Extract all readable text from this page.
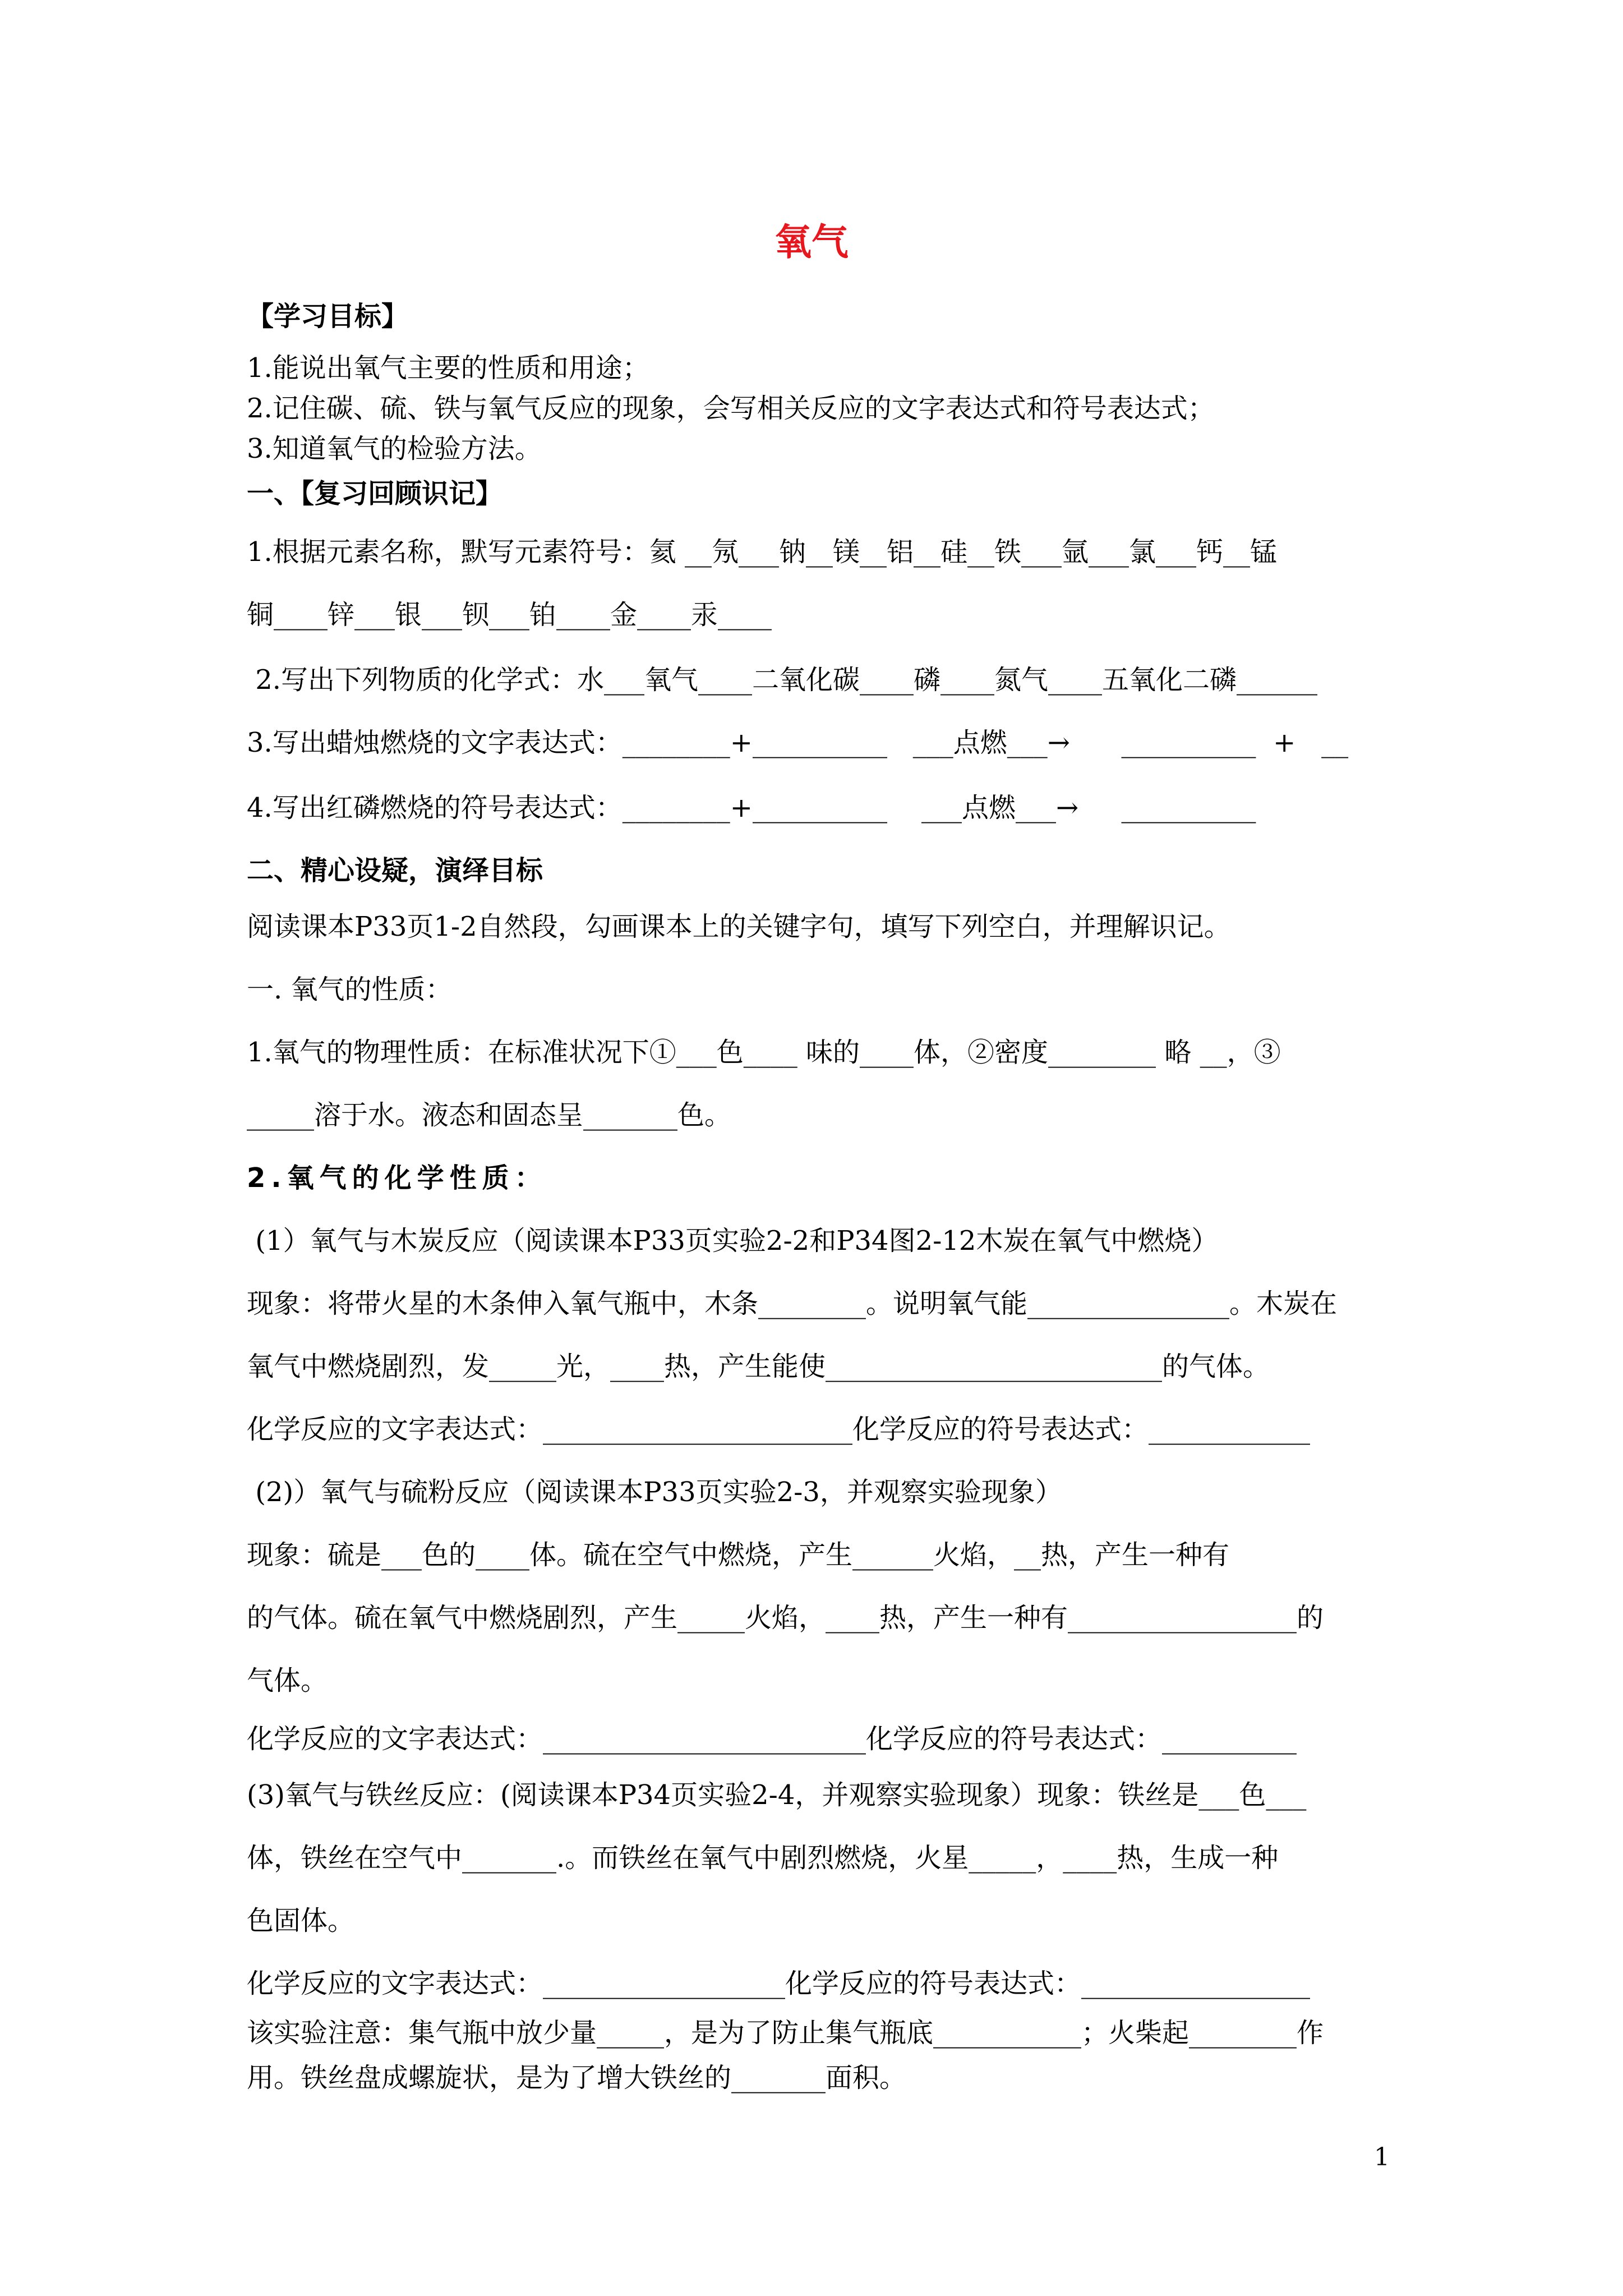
氧气
【学习目标】
1.能说出氧气主要的性质和用途；
2.记住碳、硫、铁与氧气反应的现象，会写相关反应的文字表达式和符号表达式；
3.知道氧气的检验方法。
一、【复习回顾识记】
1.根据元素名称，默写元素符号：氦 __氖___钠__镁__铝__硅__铁___氩___氯___钙__锰
铜____锌___银___钡___铂____金____汞____
2.写出下列物质的化学式：水___氧气____二氧化碳____磷____氮气____五氧化二磷______
3.写出蜡烛燃烧的文字表达式：________+__________   ___点燃___→      __________  +   __
4.写出红磷燃烧的符号表达式：________+__________    ___点燃___→     __________
二、精心设疑，演绎目标
阅读课本P33页1-2自然段，勾画课本上的关键字句，填写下列空白，并理解识记。
一. 氧气的性质：
1.氧气的物理性质：在标准状况下①___色____ 味的____体，②密度________ 略 __，③
_____溶于水。液态和固态呈_______色。
2.氧气的化学性质：
(1）氧气与木炭反应（阅读课本P33页实验2-2和P34图2-12木炭在氧气中燃烧）
现象：将带火星的木条伸入氧气瓶中，木条________。说明氧气能_______________。木炭在
氧气中燃烧剧烈，发_____光，____热，产生能使_________________________的气体。
化学反应的文字表达式：_______________________化学反应的符号表达式：____________
(2)）氧气与硫粉反应（阅读课本P33页实验2-3，并观察实验现象）
现象：硫是___色的____体。硫在空气中燃烧，产生______火焰，__热，产生一种有
的气体。硫在氧气中燃烧剧烈，产生_____火焰，____热，产生一种有_________________的
气体。
化学反应的文字表达式：________________________化学反应的符号表达式：__________
(3)氧气与铁丝反应：(阅读课本P34页实验2-4，并观察实验现象）现象：铁丝是___色___
体，铁丝在空气中_______.。而铁丝在氧气中剧烈燃烧，火星_____，____热，生成一种
色固体。
化学反应的文字表达式：__________________化学反应的符号表达式：_________________
该实验注意：集气瓶中放少量_____，是为了防止集气瓶底___________；火柴起________作
用。铁丝盘成螺旋状，是为了增大铁丝的_______面积。
1
